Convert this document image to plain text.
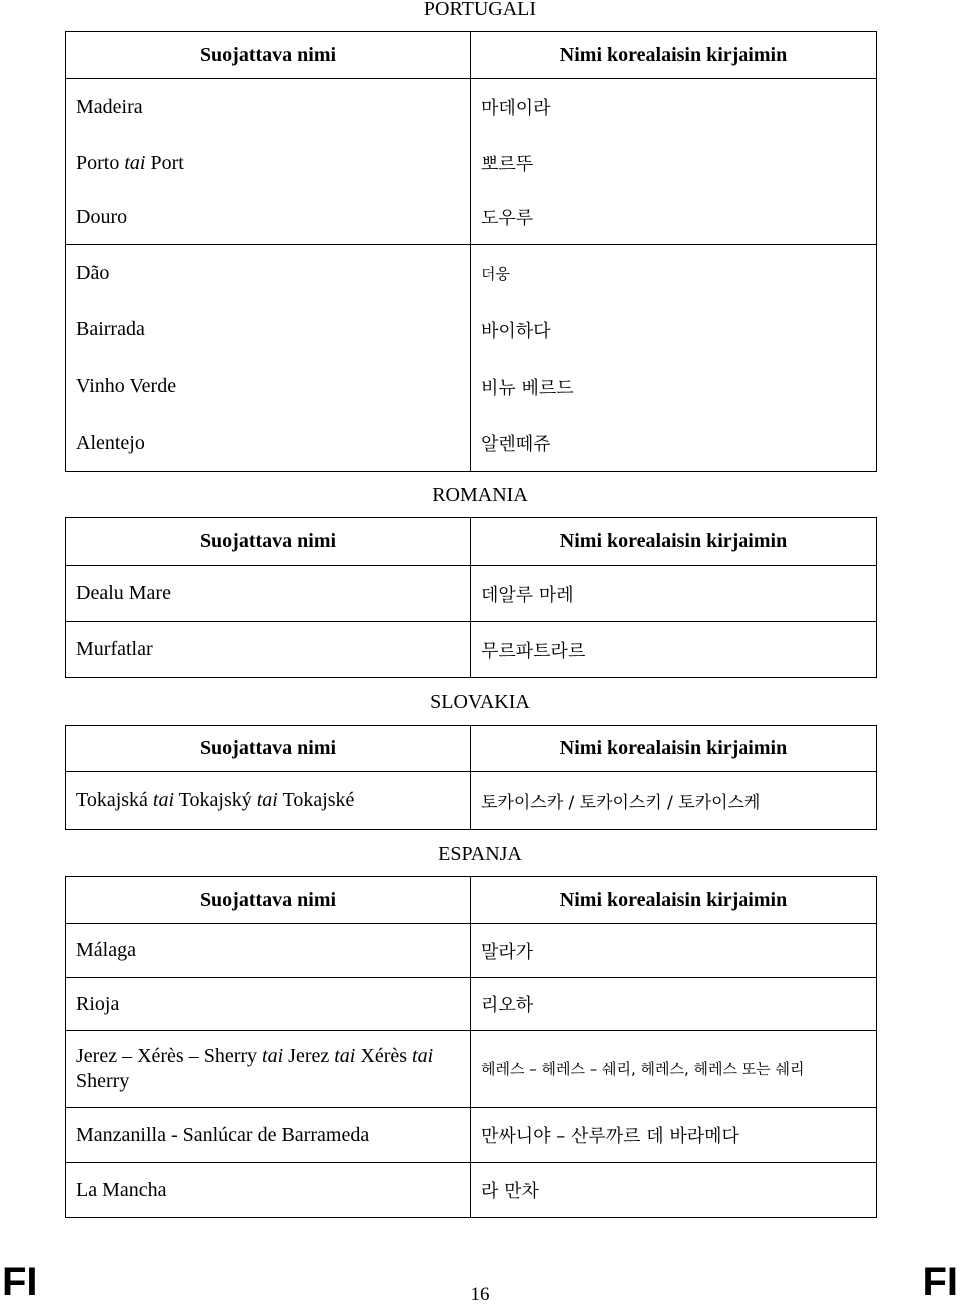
PORTUGALI
Suojattava nimi	Nimi korealaisin kirjaimin
Madeira	마데이라
Porto tai Port	뽀르뚜
Douro	도우루
Dão	더웅
Bairrada	바이하다
Vinho Verde	비뉴 베르드
Alentejo	알렌떼쥬
ROMANIA
Suojattava nimi	Nimi korealaisin kirjaimin
Dealu Mare	데알루 마레
Murfatlar	무르파트라르
SLOVAKIA
Suojattava nimi	Nimi korealaisin kirjaimin
Tokajská tai Tokajský tai Tokajské	토카이스카 / 토카이스키 / 토카이스케
ESPANJA
Suojattava nimi	Nimi korealaisin kirjaimin
Málaga	말라가
Rioja	리오하
Jerez – Xérès – Sherry tai Jerez tai Xérès tai Sherry	헤레스 – 헤레스 – 쉐리, 헤레스, 헤레스 또는 쉐리
Manzanilla - Sanlúcar de Barrameda	만싸니야 – 산루까르 데 바라메다
La Mancha	라 만차
FI	16	FI
